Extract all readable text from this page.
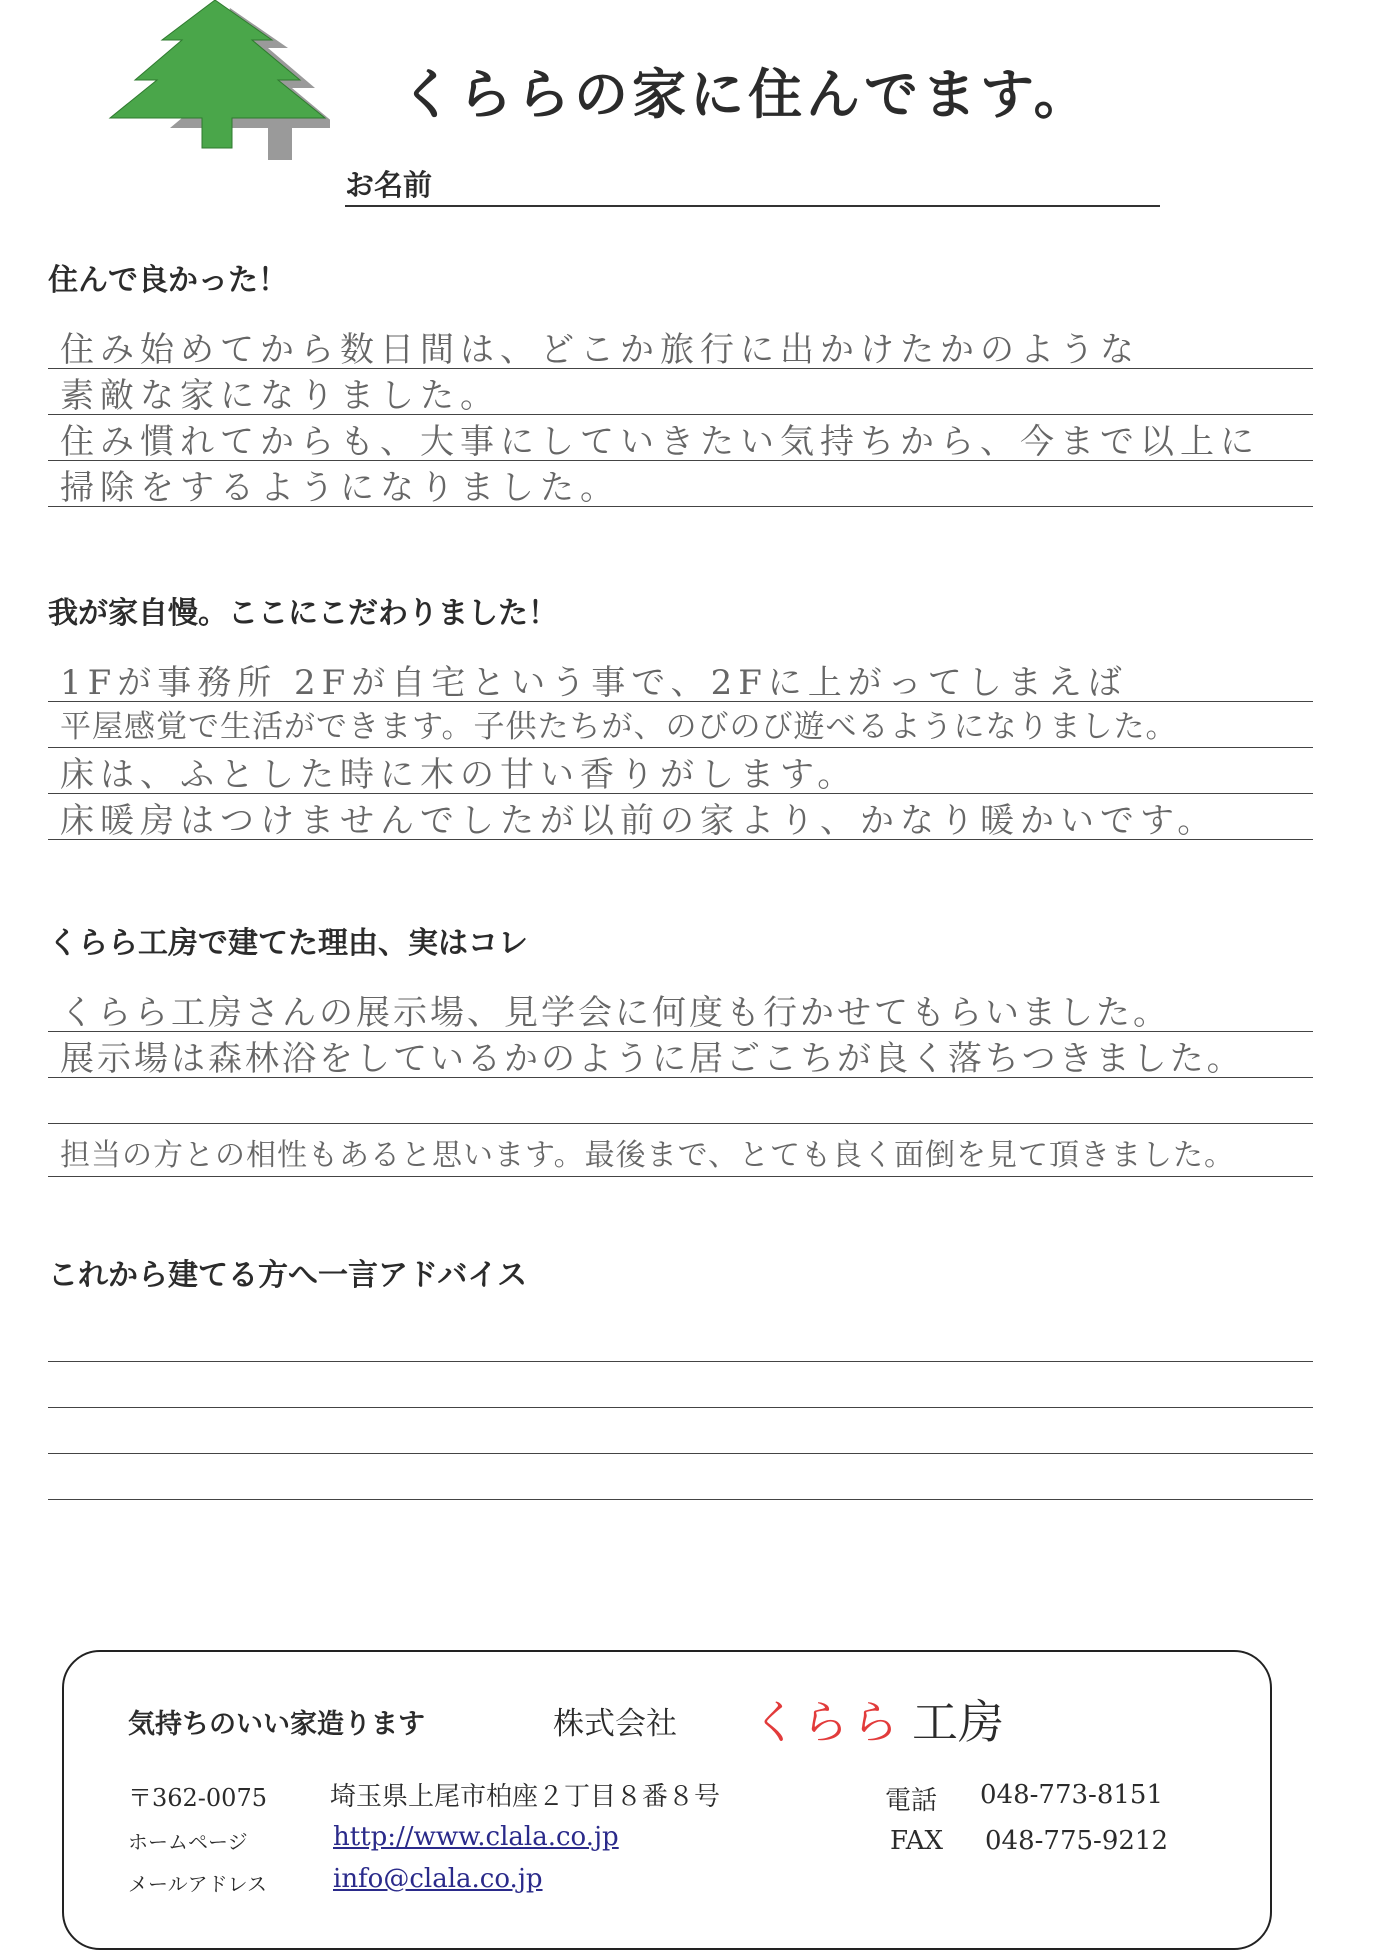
くららの家に住んでます。
お名前
住んで良かった！
住み始めてから数日間は、どこか旅行に出かけたかのような
素敵な家になりました。
住み慣れてからも、大事にしていきたい気持ちから、今まで以上に
掃除をするようになりました。
我が家自慢。ここにこだわりました！
1Fが事務所 2Fが自宅という事で、2Fに上がってしまえば
平屋感覚で生活ができます。子供たちが、のびのび遊べるようになりました。
床は、ふとした時に木の甘い香りがします。
床暖房はつけませんでしたが以前の家より、かなり暖かいです。
くらら工房で建てた理由、実はコレ
くらら工房さんの展示場、見学会に何度も行かせてもらいました。
展示場は森林浴をしているかのように居ごこちが良く落ちつきました。
担当の方との相性もあると思います。最後まで、とても良く面倒を見て頂きました。
これから建てる方へ一言アドバイス
気持ちのいい家造ります	株式会社 くらら 工房
〒362-0075 埼玉県上尾市柏座２丁目８番８号	電話 048-773-8151
ホームページ	http://www.clala.co.jp	FAX 048-775-9212
メールアドレス	info@clala.co.jp
